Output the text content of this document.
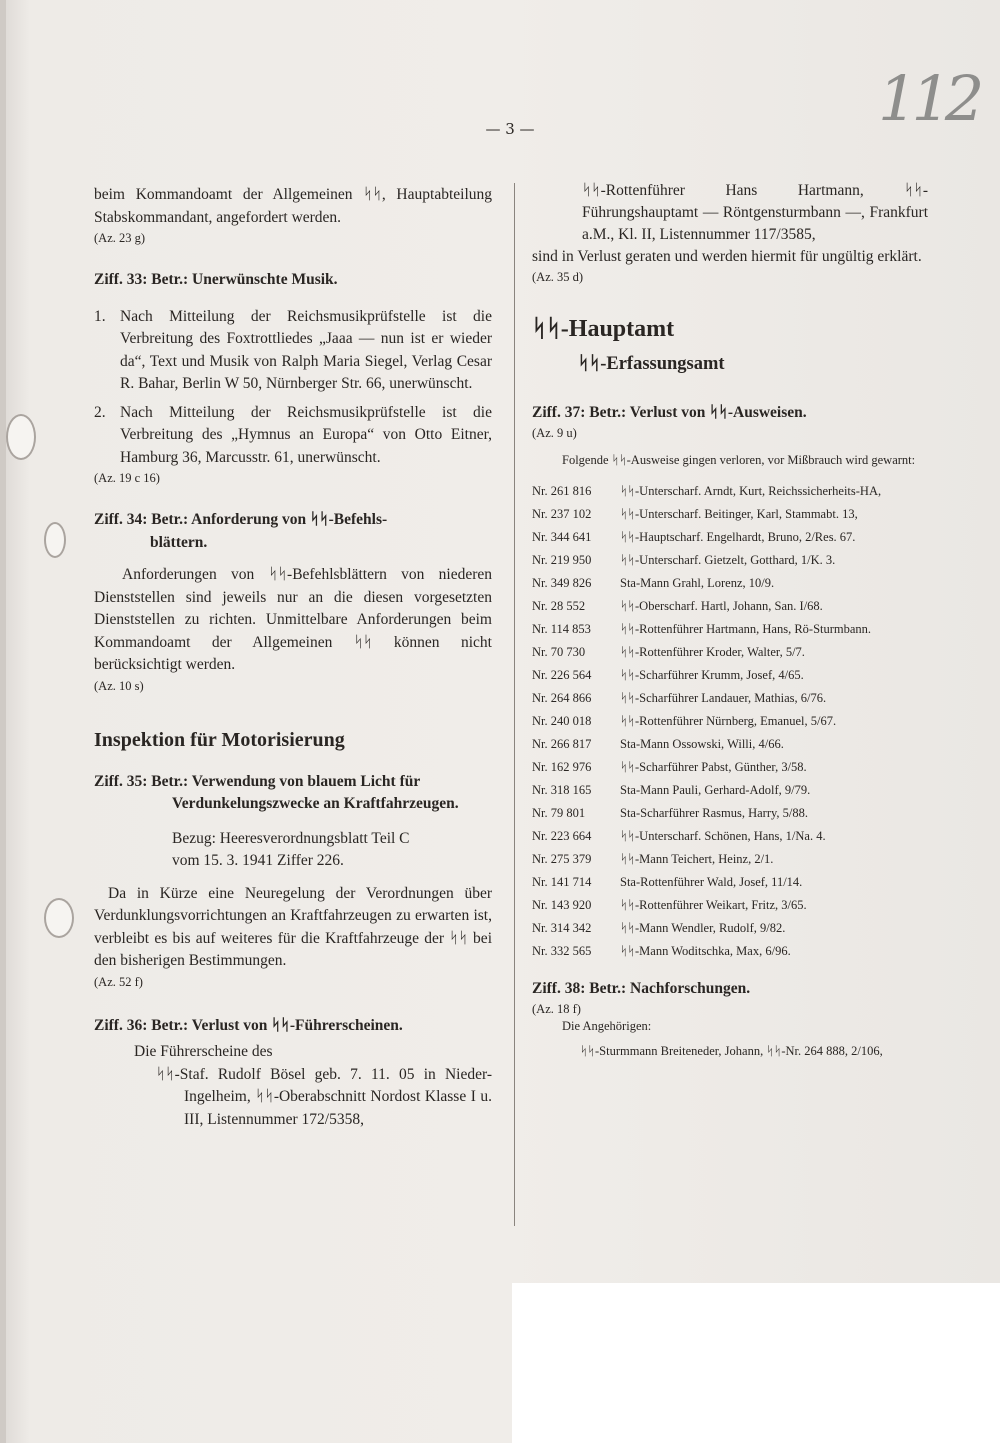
112
— 3 —
beim Kommandoamt der Allgemeinen ᛋᛋ, Hauptabteilung Stabskommandant, angefordert werden.
(Az. 23 g)
Ziff. 33: Betr.: Unerwünschte Musik.
1. Nach Mitteilung der Reichsmusikprüfstelle ist die Verbreitung des Foxtrottliedes „Jaaa — nun ist er wieder da“, Text und Musik von Ralph Maria Siegel, Verlag Cesar R. Bahar, Berlin W 50, Nürnberger Str. 66, unerwünscht.
2. Nach Mitteilung der Reichsmusikprüfstelle ist die Verbreitung des „Hymnus an Europa“ von Otto Eitner, Hamburg 36, Marcusstr. 61, unerwünscht.
(Az. 19 c 16)
Ziff. 34: Betr.: Anforderung von ᛋᛋ-Befehls-
blättern.
Anforderungen von ᛋᛋ-Befehlsblättern von niederen Dienststellen sind jeweils nur an die diesen vorgesetzten Dienststellen zu richten. Unmittelbare Anforderungen beim Kommandoamt der Allgemeinen ᛋᛋ können nicht berücksichtigt werden.
(Az. 10 s)
Inspektion für Motorisierung
Ziff. 35: Betr.: Verwendung von blauem Licht für
Verdunkelungszwecke an Kraftfahrzeugen.
Bezug: Heeresverordnungsblatt Teil C
vom 15. 3. 1941 Ziffer 226.
Da in Kürze eine Neuregelung der Verordnungen über Verdunklungsvorrichtungen an Kraftfahrzeugen zu erwarten ist, verbleibt es bis auf weiteres für die Kraftfahrzeuge der ᛋᛋ bei den bisherigen Bestimmungen.
(Az. 52 f)
Ziff. 36: Betr.: Verlust von ᛋᛋ-Führerscheinen.
Die Führerscheine des
ᛋᛋ-Staf. Rudolf Bösel geb. 7. 11. 05 in Nieder-Ingelheim, ᛋᛋ-Oberabschnitt Nordost Klasse I u. III, Listennummer 172/5358,
ᛋᛋ-Rottenführer Hans Hartmann, ᛋᛋ-Führungshauptamt — Röntgensturmbann —, Frankfurt a.M., Kl. II, Listennummer 117/3585,
sind in Verlust geraten und werden hiermit für ungültig erklärt.
(Az. 35 d)
ᛋᛋ-Hauptamt
ᛋᛋ-Erfassungsamt
Ziff. 37: Betr.: Verlust von ᛋᛋ-Ausweisen.
(Az. 9 u)
Folgende ᛋᛋ-Ausweise gingen verloren, vor Mißbrauch wird gewarnt:
Nr. 261 816	ᛋᛋ-Unterscharf. Arndt, Kurt, Reichssicherheits-HA,
Nr. 237 102	ᛋᛋ-Unterscharf. Beitinger, Karl, Stammabt. 13,
Nr. 344 641	ᛋᛋ-Hauptscharf. Engelhardt, Bruno, 2/Res. 67.
Nr. 219 950	ᛋᛋ-Unterscharf. Gietzelt, Gotthard, 1/K. 3.
Nr. 349 826	Sta-Mann Grahl, Lorenz, 10/9.
Nr. 28 552	ᛋᛋ-Oberscharf. Hartl, Johann, San. I/68.
Nr. 114 853	ᛋᛋ-Rottenführer Hartmann, Hans, Rö-Sturmbann.
Nr. 70 730	ᛋᛋ-Rottenführer Kroder, Walter, 5/7.
Nr. 226 564	ᛋᛋ-Scharführer Krumm, Josef, 4/65.
Nr. 264 866	ᛋᛋ-Scharführer Landauer, Mathias, 6/76.
Nr. 240 018	ᛋᛋ-Rottenführer Nürnberg, Emanuel, 5/67.
Nr. 266 817	Sta-Mann Ossowski, Willi, 4/66.
Nr. 162 976	ᛋᛋ-Scharführer Pabst, Günther, 3/58.
Nr. 318 165	Sta-Mann Pauli, Gerhard-Adolf, 9/79.
Nr. 79 801	Sta-Scharführer Rasmus, Harry, 5/88.
Nr. 223 664	ᛋᛋ-Unterscharf. Schönen, Hans, 1/Na. 4.
Nr. 275 379	ᛋᛋ-Mann Teichert, Heinz, 2/1.
Nr. 141 714	Sta-Rottenführer Wald, Josef, 11/14.
Nr. 143 920	ᛋᛋ-Rottenführer Weikart, Fritz, 3/65.
Nr. 314 342	ᛋᛋ-Mann Wendler, Rudolf, 9/82.
Nr. 332 565	ᛋᛋ-Mann Woditschka, Max, 6/96.
Ziff. 38: Betr.: Nachforschungen.
(Az. 18 f)
Die Angehörigen:
ᛋᛋ-Sturmmann Breiteneder, Johann, ᛋᛋ-Nr. 264 888, 2/106,
